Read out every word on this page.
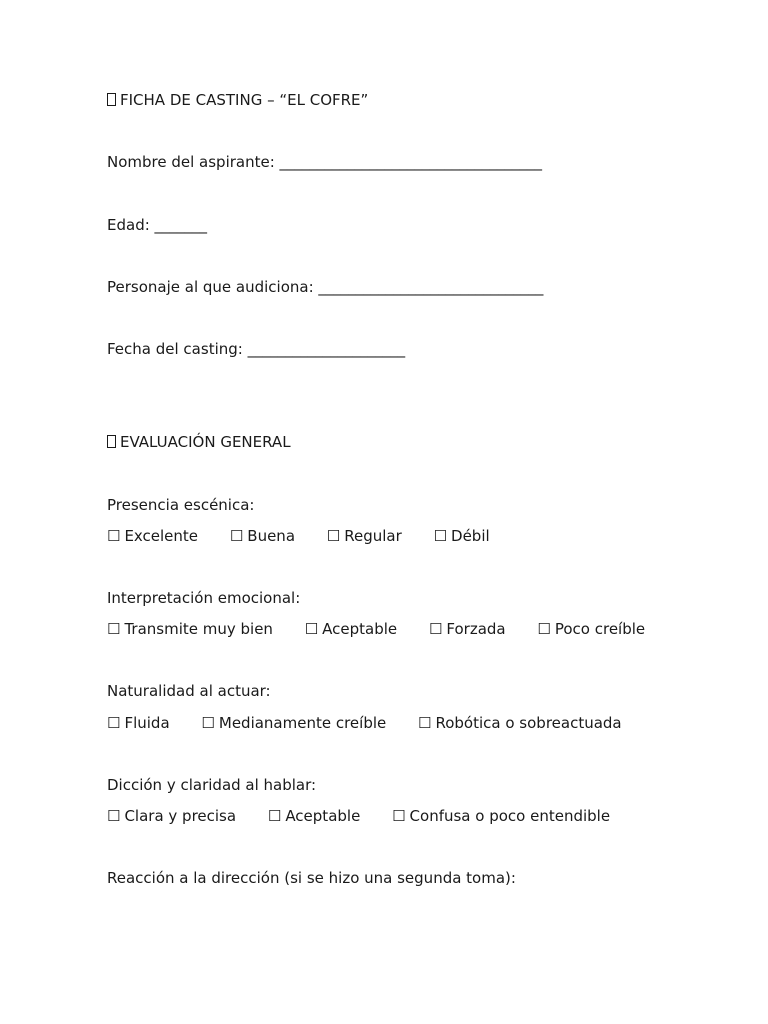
FICHA DE CASTING – “EL COFRE”
Nombre del aspirante: ___________________________________
Edad: _______
Personaje al que audiciona: ______________________________
Fecha del casting: _____________________
EVALUACIÓN GENERAL
Presencia escénica:
☐ Excelente ☐ Buena ☐ Regular ☐ Débil
Interpretación emocional:
☐ Transmite muy bien ☐ Aceptable ☐ Forzada ☐ Poco creíble
Naturalidad al actuar:
☐ Fluida ☐ Medianamente creíble ☐ Robótica o sobreactuada
Dicción y claridad al hablar:
☐ Clara y precisa ☐ Aceptable ☐ Confusa o poco entendible
Reacción a la dirección (si se hizo una segunda toma):
